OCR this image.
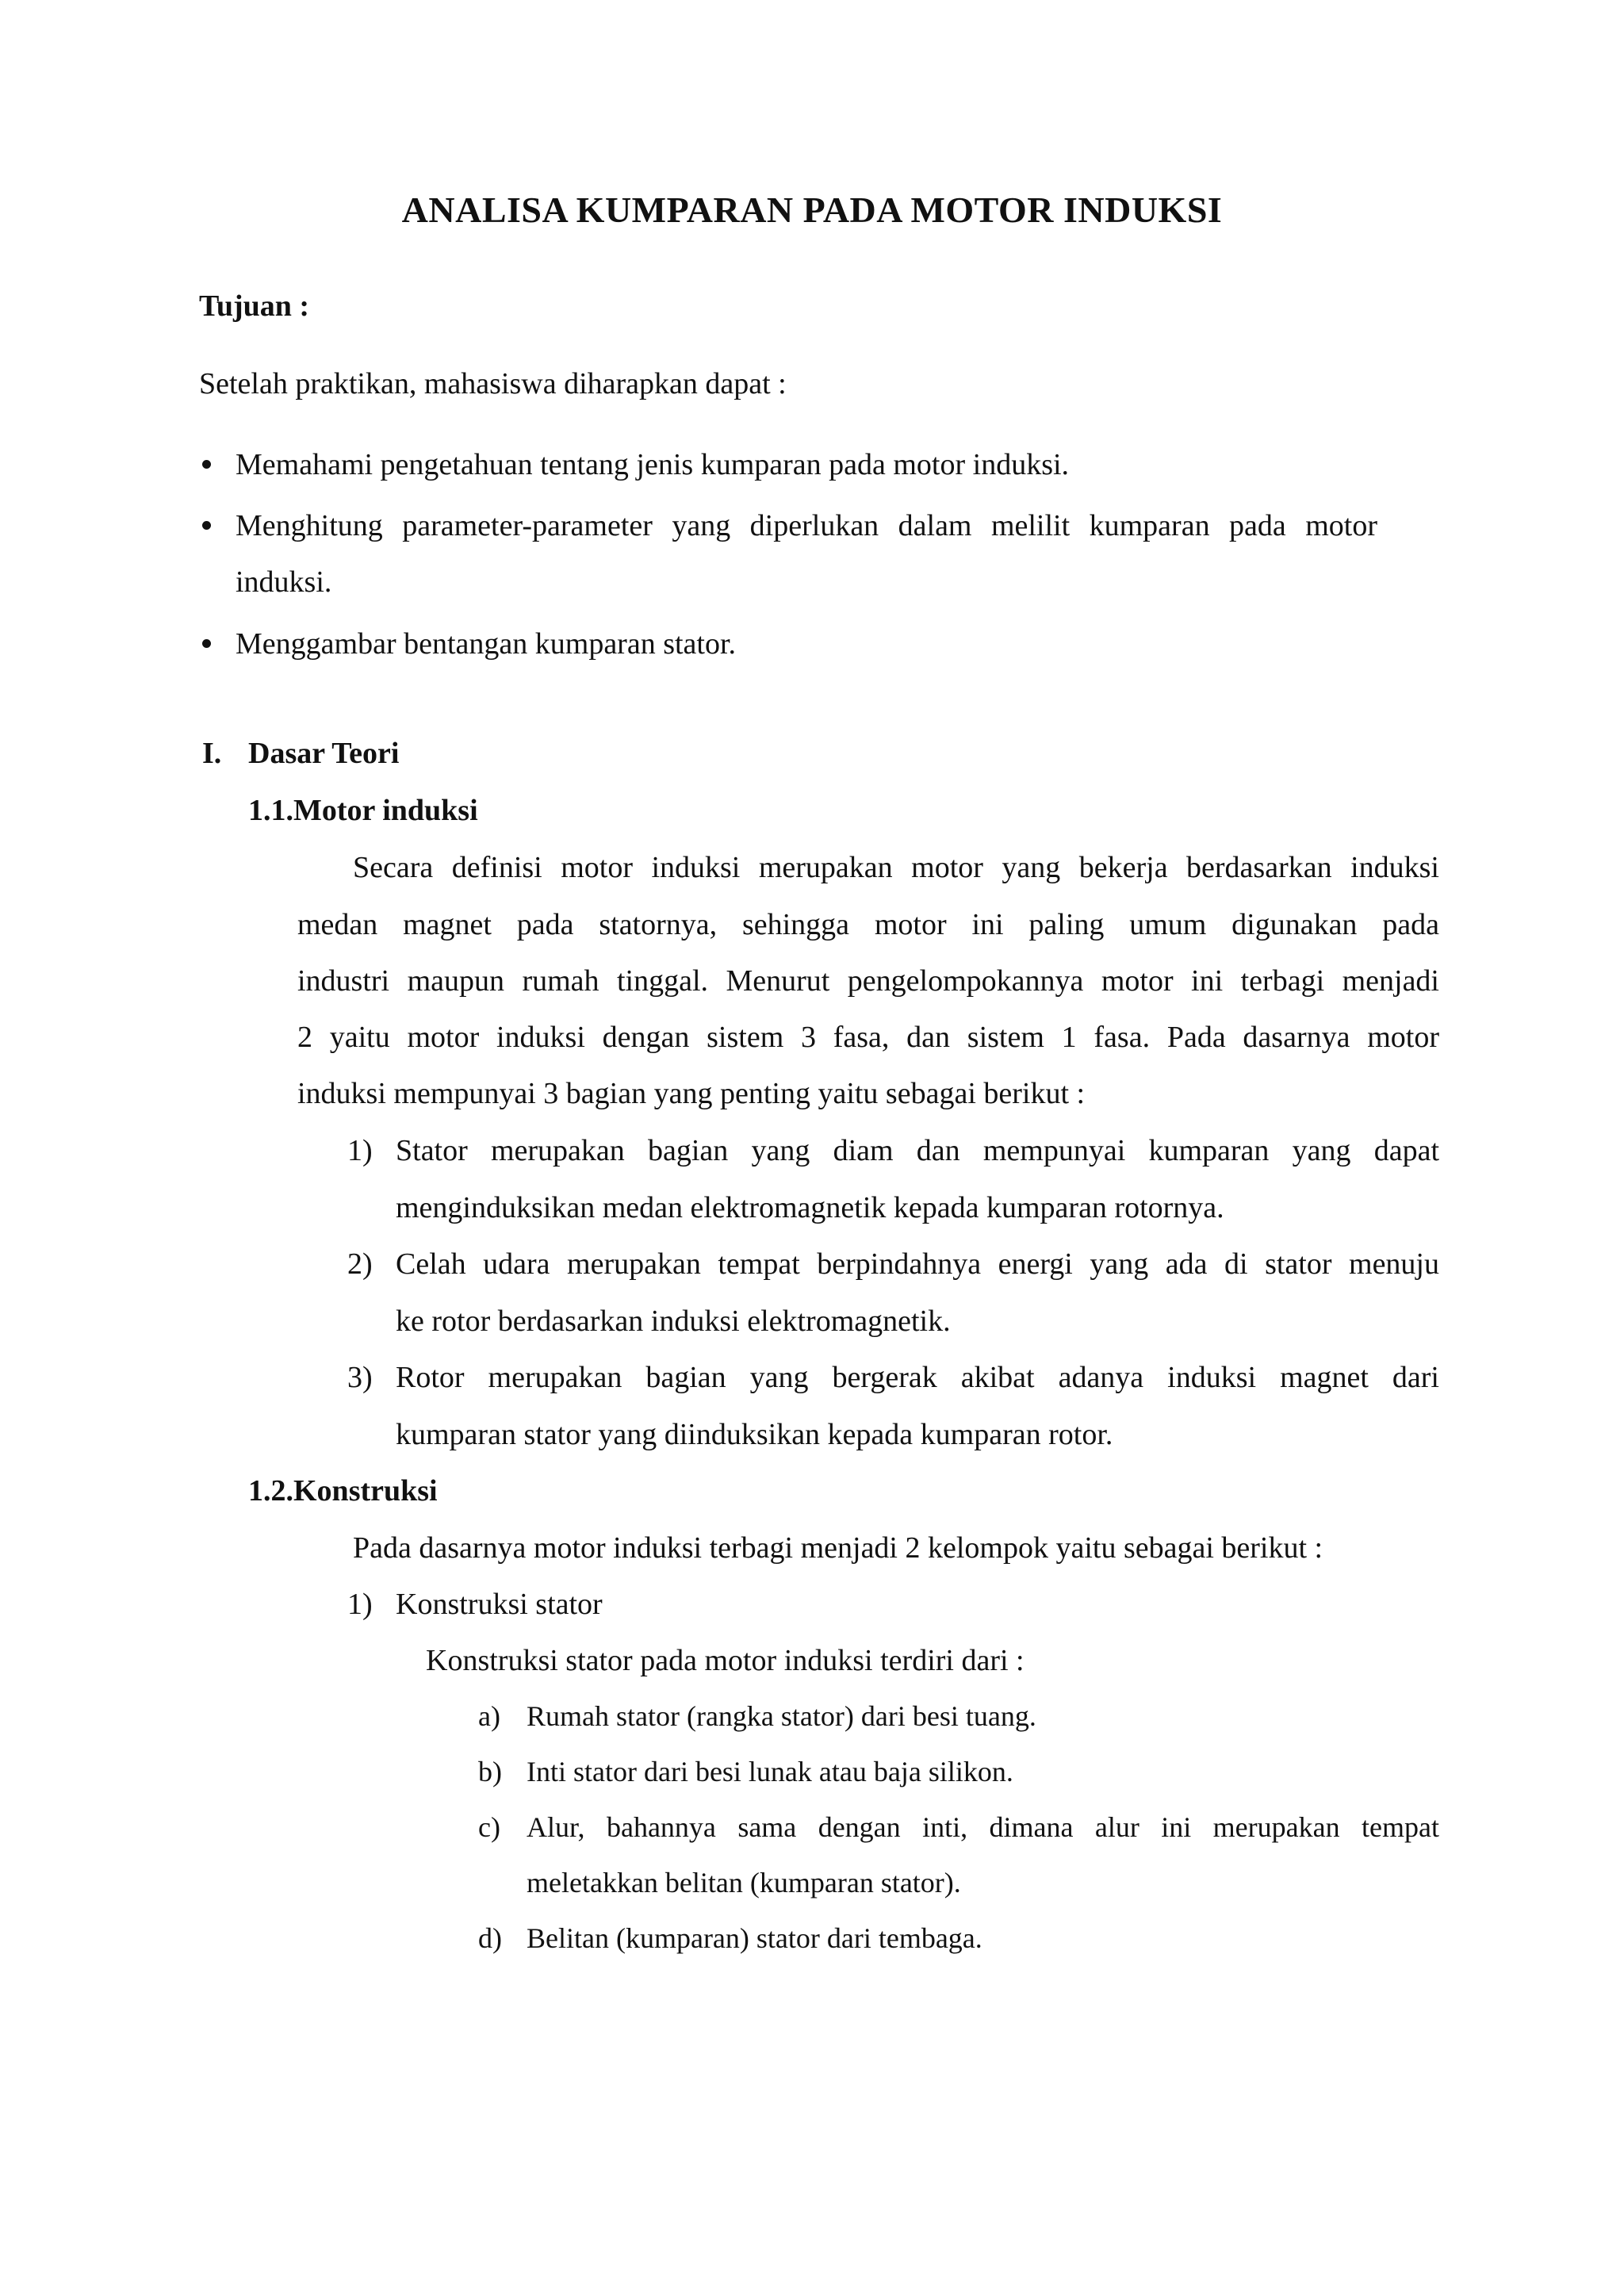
ANALISA KUMPARAN PADA MOTOR INDUKSI
Tujuan :
Setelah praktikan, mahasiswa diharapkan dapat :
Memahami pengetahuan tentang jenis kumparan pada motor induksi.
Menghitung parameter-parameter yang diperlukan dalam melilit kumparan pada motor
induksi.
Menggambar bentangan kumparan stator.
I. Dasar Teori
1.1.Motor induksi
Secara definisi motor induksi merupakan motor yang bekerja berdasarkan induksi
medan magnet pada statornya, sehingga motor ini paling umum digunakan pada
industri maupun rumah tinggal. Menurut pengelompokannya motor ini terbagi menjadi
2 yaitu motor induksi dengan sistem 3 fasa, dan sistem 1 fasa. Pada dasarnya motor
induksi mempunyai 3 bagian yang penting yaitu sebagai berikut :
1) Stator merupakan bagian yang diam dan mempunyai kumparan yang dapat
menginduksikan medan elektromagnetik kepada kumparan rotornya.
2) Celah udara merupakan tempat berpindahnya energi yang ada di stator menuju
ke rotor berdasarkan induksi elektromagnetik.
3) Rotor merupakan bagian yang bergerak akibat adanya induksi magnet dari
kumparan stator yang diinduksikan kepada kumparan rotor.
1.2.Konstruksi
Pada dasarnya motor induksi terbagi menjadi 2 kelompok yaitu sebagai berikut :
1) Konstruksi stator
Konstruksi stator pada motor induksi terdiri dari :
a) Rumah stator (rangka stator) dari besi tuang.
b) Inti stator dari besi lunak atau baja silikon.
c) Alur, bahannya sama dengan inti, dimana alur ini merupakan tempat
meletakkan belitan (kumparan stator).
d) Belitan (kumparan) stator dari tembaga.
